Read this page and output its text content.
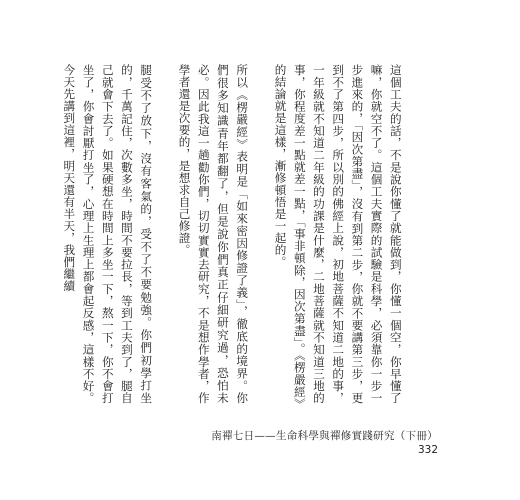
這個工夫的話，不是說你懂了就能做到，你懂一個空，你早懂了嘛，你就空不了。這個工夫實際的試驗是科學，必須靠你一步一步進來的，「因次第盡」，沒有到第二步，你就不要講第三步，更到不了第四步，所以別的佛經上說，初地菩薩不知道二地的事，一年級就不知道二年級的功課是什麼，二地菩薩就不知道三地的事，你程度差一點就差一點，「事非頓除，因次第盡」。《楞嚴經》的結論就是這樣，漸修頓悟是一起的。

所以《楞嚴經》表明是「如來密因修證了義」，徹底的境界。你們很多知識青年都翻了，但是說你們真正仔細研究過，恐怕未必。因此我這一趟勸你們，切切實實去研究，不是想作學者，作學者還是次要的，是想求自己修證。

腿受不了放下，沒有客氣的，受不了不要勉強。你們初學打坐的，千萬記住，次數多坐，時間不要拉長，等到工夫到了，腿自己就會下去了。如果硬想在時間上多坐一下，熬一下，你不會打坐了，你會討厭打坐了，心理上生理上都會起反感，這樣不好。今天先講到這裡，明天還有半天，我們繼續

南禪七日——生命科學與禪修實踐研究（下冊）
332
